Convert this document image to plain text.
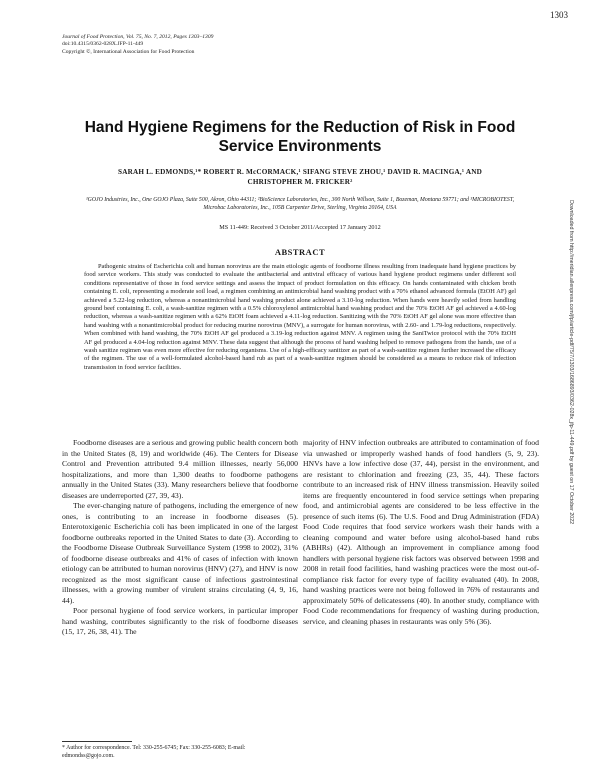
1303
Journal of Food Protection, Vol. 75, No. 7, 2012, Pages 1303–1309
doi:10.4315/0362-028X.JFP-11-449
Copyright ©, International Association for Food Protection
Hand Hygiene Regimens for the Reduction of Risk in Food Service Environments
SARAH L. EDMONDS,¹* ROBERT R. McCORMACK,¹ SIFANG STEVE ZHOU,¹ DAVID R. MACINGA,¹ AND
CHRISTOPHER M. FRICKER²
¹GOJO Industries, Inc., One GOJO Plaza, Suite 500, Akron, Ohio 44311; ²BioScience Laboratories, Inc., 300 North Willson, Suite 1, Bozeman, Montana 59771; and ³MICROBIOTEST, Microbac Laboratories, Inc., 105B Carpenter Drive, Sterling, Virginia 20164, USA
MS 11-449: Received 3 October 2011/Accepted 17 January 2012
ABSTRACT
Pathogenic strains of Escherichia coli and human norovirus are the main etiologic agents of foodborne illness resulting from inadequate hand hygiene practices by food service workers. This study was conducted to evaluate the antibacterial and antiviral efficacy of various hand hygiene product regimens under different soil conditions representative of those in food service settings and assess the impact of product formulation on this efficacy. On hands contaminated with chicken broth containing E. coli, representing a moderate soil load, a regimen combining an antimicrobial hand washing product with a 70% ethanol advanced formula (EtOH AF) gel achieved a 5.22-log reduction, whereas a nonantimicrobial hand washing product alone achieved a 3.10-log reduction. When hands were heavily soiled from handling ground beef containing E. coli, a wash-sanitize regimen with a 0.5% chloroxylenol antimicrobial hand washing product and the 70% EtOH AF gel achieved a 4.60-log reduction, whereas a wash-sanitize regimen with a 62% EtOH foam achieved a 4.11-log reduction. Sanitizing with the 70% EtOH AF gel alone was more effective than hand washing with a nonantimicrobial product for reducing murine norovirus (MNV), a surrogate for human norovirus, with 2.60- and 1.79-log reductions, respectively. When combined with hand washing, the 70% EtOH AF gel produced a 3.19-log reduction against MNV. A regimen using the SaniTwice protocol with the 70% EtOH AF gel produced a 4.04-log reduction against MNV. These data suggest that although the process of hand washing helped to remove pathogens from the hands, use of a wash sanitize regimen was even more effective for reducing organisms. Use of a high-efficacy sanitizer as part of a wash-sanitize regimen further increased the efficacy of the regimen. The use of a well-formulated alcohol-based hand rub as part of a wash-sanitize regimen should be considered as a means to reduce risk of infection transmission in food service facilities.

Foodborne diseases are a serious and growing public health concern both in the United States (8, 19) and worldwide (46). The Centers for Disease Control and Prevention attributed 9.4 million illnesses, nearly 56,000 hospitalizations, and more than 1,300 deaths to foodborne pathogens annually in the United States (33). Many researchers believe that foodborne diseases are underreported (27, 39, 43).

The ever-changing nature of pathogens, including the emergence of new ones, is contributing to an increase in foodborne diseases (5). Enterotoxigenic Escherichia coli has been implicated in one of the largest foodborne outbreaks reported in the United States to date (3). According to the Foodborne Disease Outbreak Surveillance System (1998 to 2002), 31% of foodborne disease outbreaks and 41% of cases of infection with known etiology can be attributed to human norovirus (HNV) (27), and HNV is now recognized as the most significant cause of infectious gastrointestinal illnesses, with a growing number of virulent strains circulating (4, 9, 16, 44).

Poor personal hygiene of food service workers, in particular improper hand washing, contributes significantly to the risk of foodborne diseases (15, 17, 26, 38, 41). The

majority of HNV infection outbreaks are attributed to contamination of food via unwashed or improperly washed hands of food handlers (5, 9, 23). HNVs have a low infective dose (37, 44), persist in the environment, and are resistant to chlorination and freezing (23, 35, 44). These factors contribute to an increased risk of HNV illness transmission. Heavily soiled items are frequently encountered in food service settings when preparing food, and antimicrobial agents are considered to be less effective in the presence of such items (6). The U.S. Food and Drug Administration (FDA) Food Code requires that food service workers wash their hands with a cleaning compound and water before using alcohol-based hand rubs (ABHRs) (42). Although an improvement in compliance among food handlers with personal hygiene risk factors was observed between 1998 and 2008 in retail food facilities, hand washing practices were the most out-of-compliance risk factor for every type of facility evaluated (40). In 2008, hand washing practices were not being followed in 76% of restaurants and approximately 50% of delicatessens (40). In another study, compliance with Food Code recommendations for frequency of washing during production, service, and cleaning phases in restaurants was only 5% (36).

* Author for correspondence. Tel: 330-255-6745; Fax: 330-255-6083; E-mail: edmondss@gojo.com.
Downloaded from http://meridian.allenpress.com/jfp/article-pdf/75/7/1303/1686893/0362-028x_jfp-11-449.pdf by guest on 17 October 2022
